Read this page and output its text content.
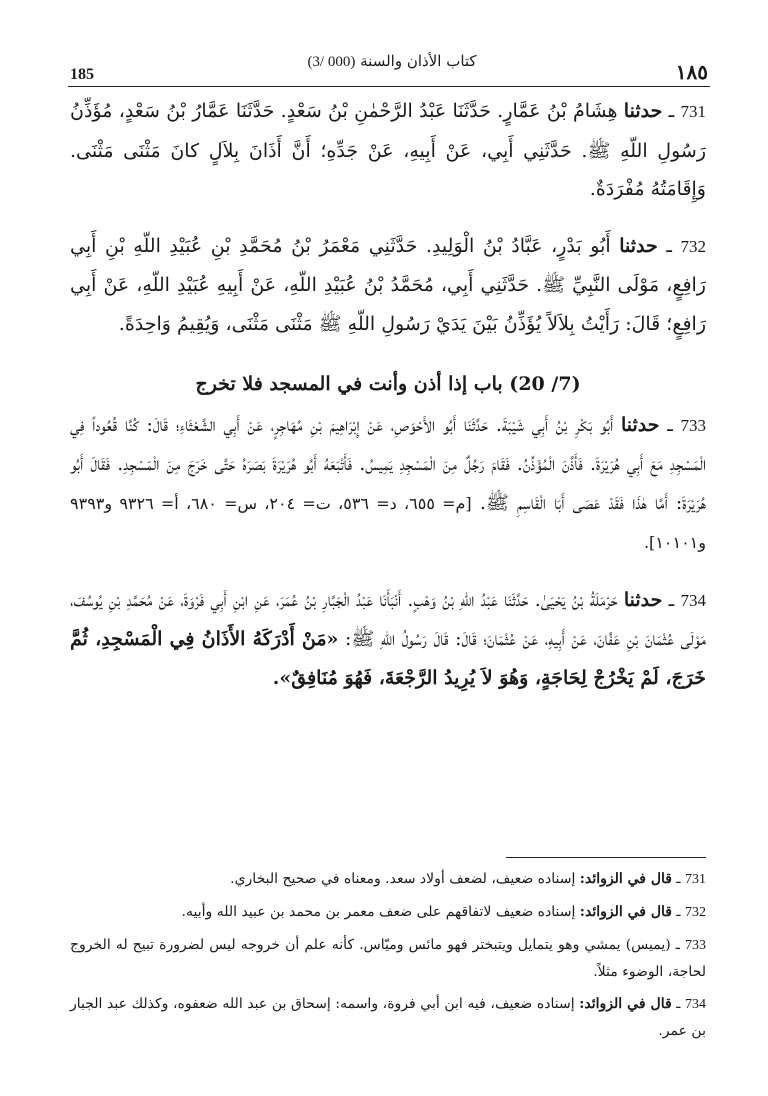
185
كتاب الأذان والسنة (3/ 000)	١٨٥

731 ـ حدثنا هِشَامُ بْنُ عَمَّارٍ. حَدَّثَنَا عَبْدُ الرَّحْمٰنِ بْنُ سَعْدٍ. حَدَّثَنَا عَمَّارُ بْنُ سَعْدٍ، مُؤَذِّنُ رَسُولِ اللّهِ ﷺ. حَدَّثَنِي أَبِي، عَنْ أَبِيهِ، عَنْ جَدِّهِ؛ أَنَّ أَذَانَ بِلاَلٍ كانَ مَثْنَى مَثْنَى. وَإِقَامَتُهُ مُفْرَدَةٌ.

732 ـ حدثنا أَبُو بَدْرٍ، عَبَّادُ بْنُ الْوَلِيدِ. حَدَّثَنِي مَعْمَرُ بْنُ مُحَمَّدِ بْنِ عُبَيْدِ اللّهِ بْنِ أَبِي رَافِعٍ، مَوْلَى النَّبِيِّ ﷺ. حَدَّثَنِي أَبِي، مُحَمَّدُ بْنُ عُبَيْدِ اللّهِ، عَنْ أَبِيهِ عُبَيْدِ اللّهِ، عَنْ أَبِي رَافِعٍ؛ قَالَ: رَأَيْتُ بِلاَلاً يُؤَذِّنُ بَيْنَ يَدَيْ رَسُولِ اللّهِ ﷺ مَثْنَى مَثْنَى، وَيُقِيمُ وَاحِدَةً.

(7/ 20) باب إذا أذن وأنت في المسجد فلا تخرج

733 ـ حدثنا أَبُو بَكْرِ بْنُ أَبِي شَيْبَةَ. حَدَّثَنَا أَبُو الأَحْوَصِ، عَنْ إِبْرَاهِيمَ بْنِ مُهَاجِرٍ، عَنْ أَبِي الشَّعْثَاءِ؛ قَالَ: كُنَّا قُعُوداً فِي الْمَسْجِدِ مَعَ أَبِي هُرَيْرَةَ. فَأَذَّنَ الْمُؤَذِّنُ. فَقَامَ رَجُلٌ مِنَ الْمَسْجِدِ يَمِيسُ. فَأَتْبَعَهُ أَبُو هُرَيْرَةَ بَصَرَهُ حَتَّى خَرَجَ مِنَ الْمَسْجِدِ. فَقَالَ أَبُو هُرَيْرَةَ: أَمَّا هٰذَا فَقَدْ عَصَى أَبَا الْقَاسِمِ ﷺ. [م= ٦٥٥، د= ٥٣٦، ت= ٢٠٤، س= ٦٨٠، أ= ٩٣٢٦ و٩٣٩٣ و١٠١٠١].

734 ـ حدثنا حَرْمَلَةُ بْنُ يَحْيَىٰ. حَدَّثَنَا عَبْدُ اللّهِ بْنُ وَهْبٍ. أَنْبَأَنَا عَبْدُ الْجَبَّارِ بْنُ عُمَرَ، عَنِ ابْنِ أَبِي فَرْوَةَ، عَنْ مُحَمَّدِ بْنِ يُوسُفَ، مَوْلَى عُثْمَانَ بْنِ عَفَّانَ، عَنْ أَبِيهِ، عَنْ عُثْمَانَ؛ قَالَ: قَالَ رَسُولُ اللّهِ ﷺ: «مَنْ أَدْرَكَهُ الأَذَانُ فِي الْمَسْجِدِ، ثُمَّ خَرَجَ، لَمْ يَخْرُجْ لِحَاجَةٍ، وَهُوَ لاَ يُرِيدُ الرَّجْعَةَ، فَهُوَ مُنَافِقٌ».

731 ـ قال في الزوائد: إسناده ضعيف، لضعف أولاد سعد. ومعناه في صحيح البخاري.

732 ـ قال في الزوائد: إسناده ضعيف لاتفاقهم على ضعف معمر بن محمد بن عبيد الله وأبيه.

733 ـ (يميس) يمشي وهو يتمايل ويتبختر فهو مائس وميّاس. كأنه علم أن خروجه ليس لضرورة تبيح له الخروج لحاجة، الوضوء مثلاً.

734 ـ قال في الزوائد: إسناده ضعيف، فيه ابن أبي فروة، واسمه: إسحاق بن عبد الله ضعفوه، وكذلك عبد الجبار بن عمر.
